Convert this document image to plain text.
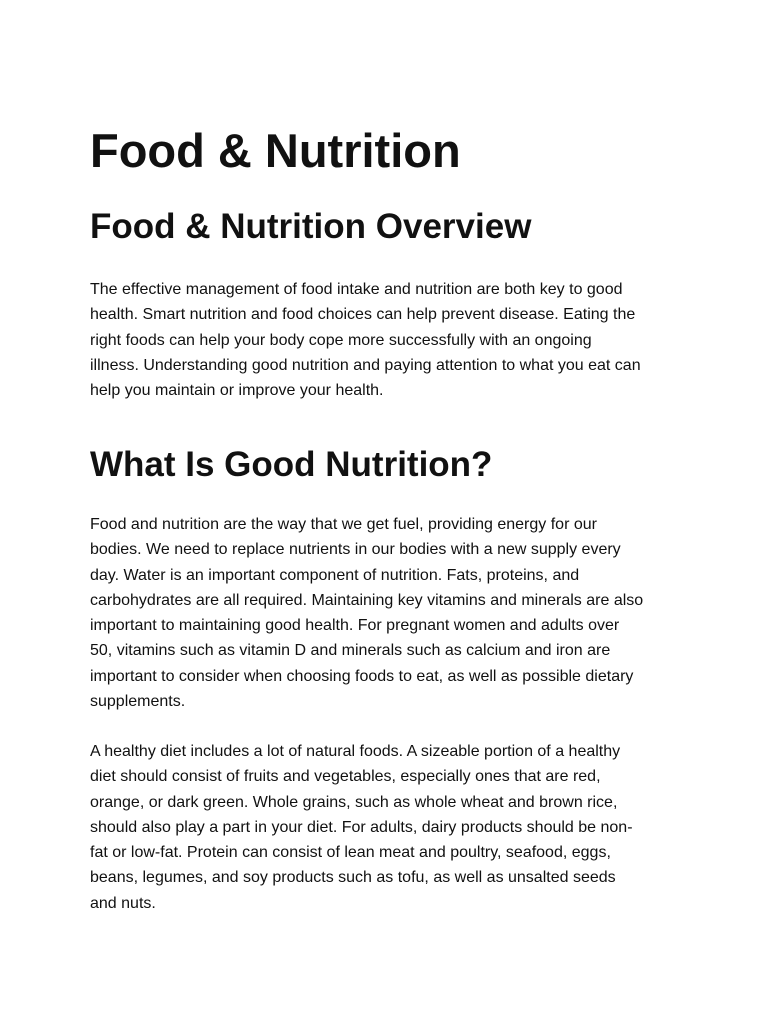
Food & Nutrition
Food & Nutrition Overview

The effective management of food intake and nutrition are both key to good
health. Smart nutrition and food choices can help prevent disease. Eating the
right foods can help your body cope more successfully with an ongoing
illness. Understanding good nutrition and paying attention to what you eat can
help you maintain or improve your health.

What Is Good Nutrition?

Food and nutrition are the way that we get fuel, providing energy for our
bodies. We need to replace nutrients in our bodies with a new supply every
day. Water is an important component of nutrition. Fats, proteins, and
carbohydrates are all required. Maintaining key vitamins and minerals are also
important to maintaining good health. For pregnant women and adults over
50, vitamins such as vitamin D and minerals such as calcium and iron are
important to consider when choosing foods to eat, as well as possible dietary
supplements.

A healthy diet includes a lot of natural foods. A sizeable portion of a healthy
diet should consist of fruits and vegetables, especially ones that are red,
orange, or dark green. Whole grains, such as whole wheat and brown rice,
should also play a part in your diet. For adults, dairy products should be non-
fat or low-fat. Protein can consist of lean meat and poultry, seafood, eggs,
beans, legumes, and soy products such as tofu, as well as unsalted seeds
and nuts.
